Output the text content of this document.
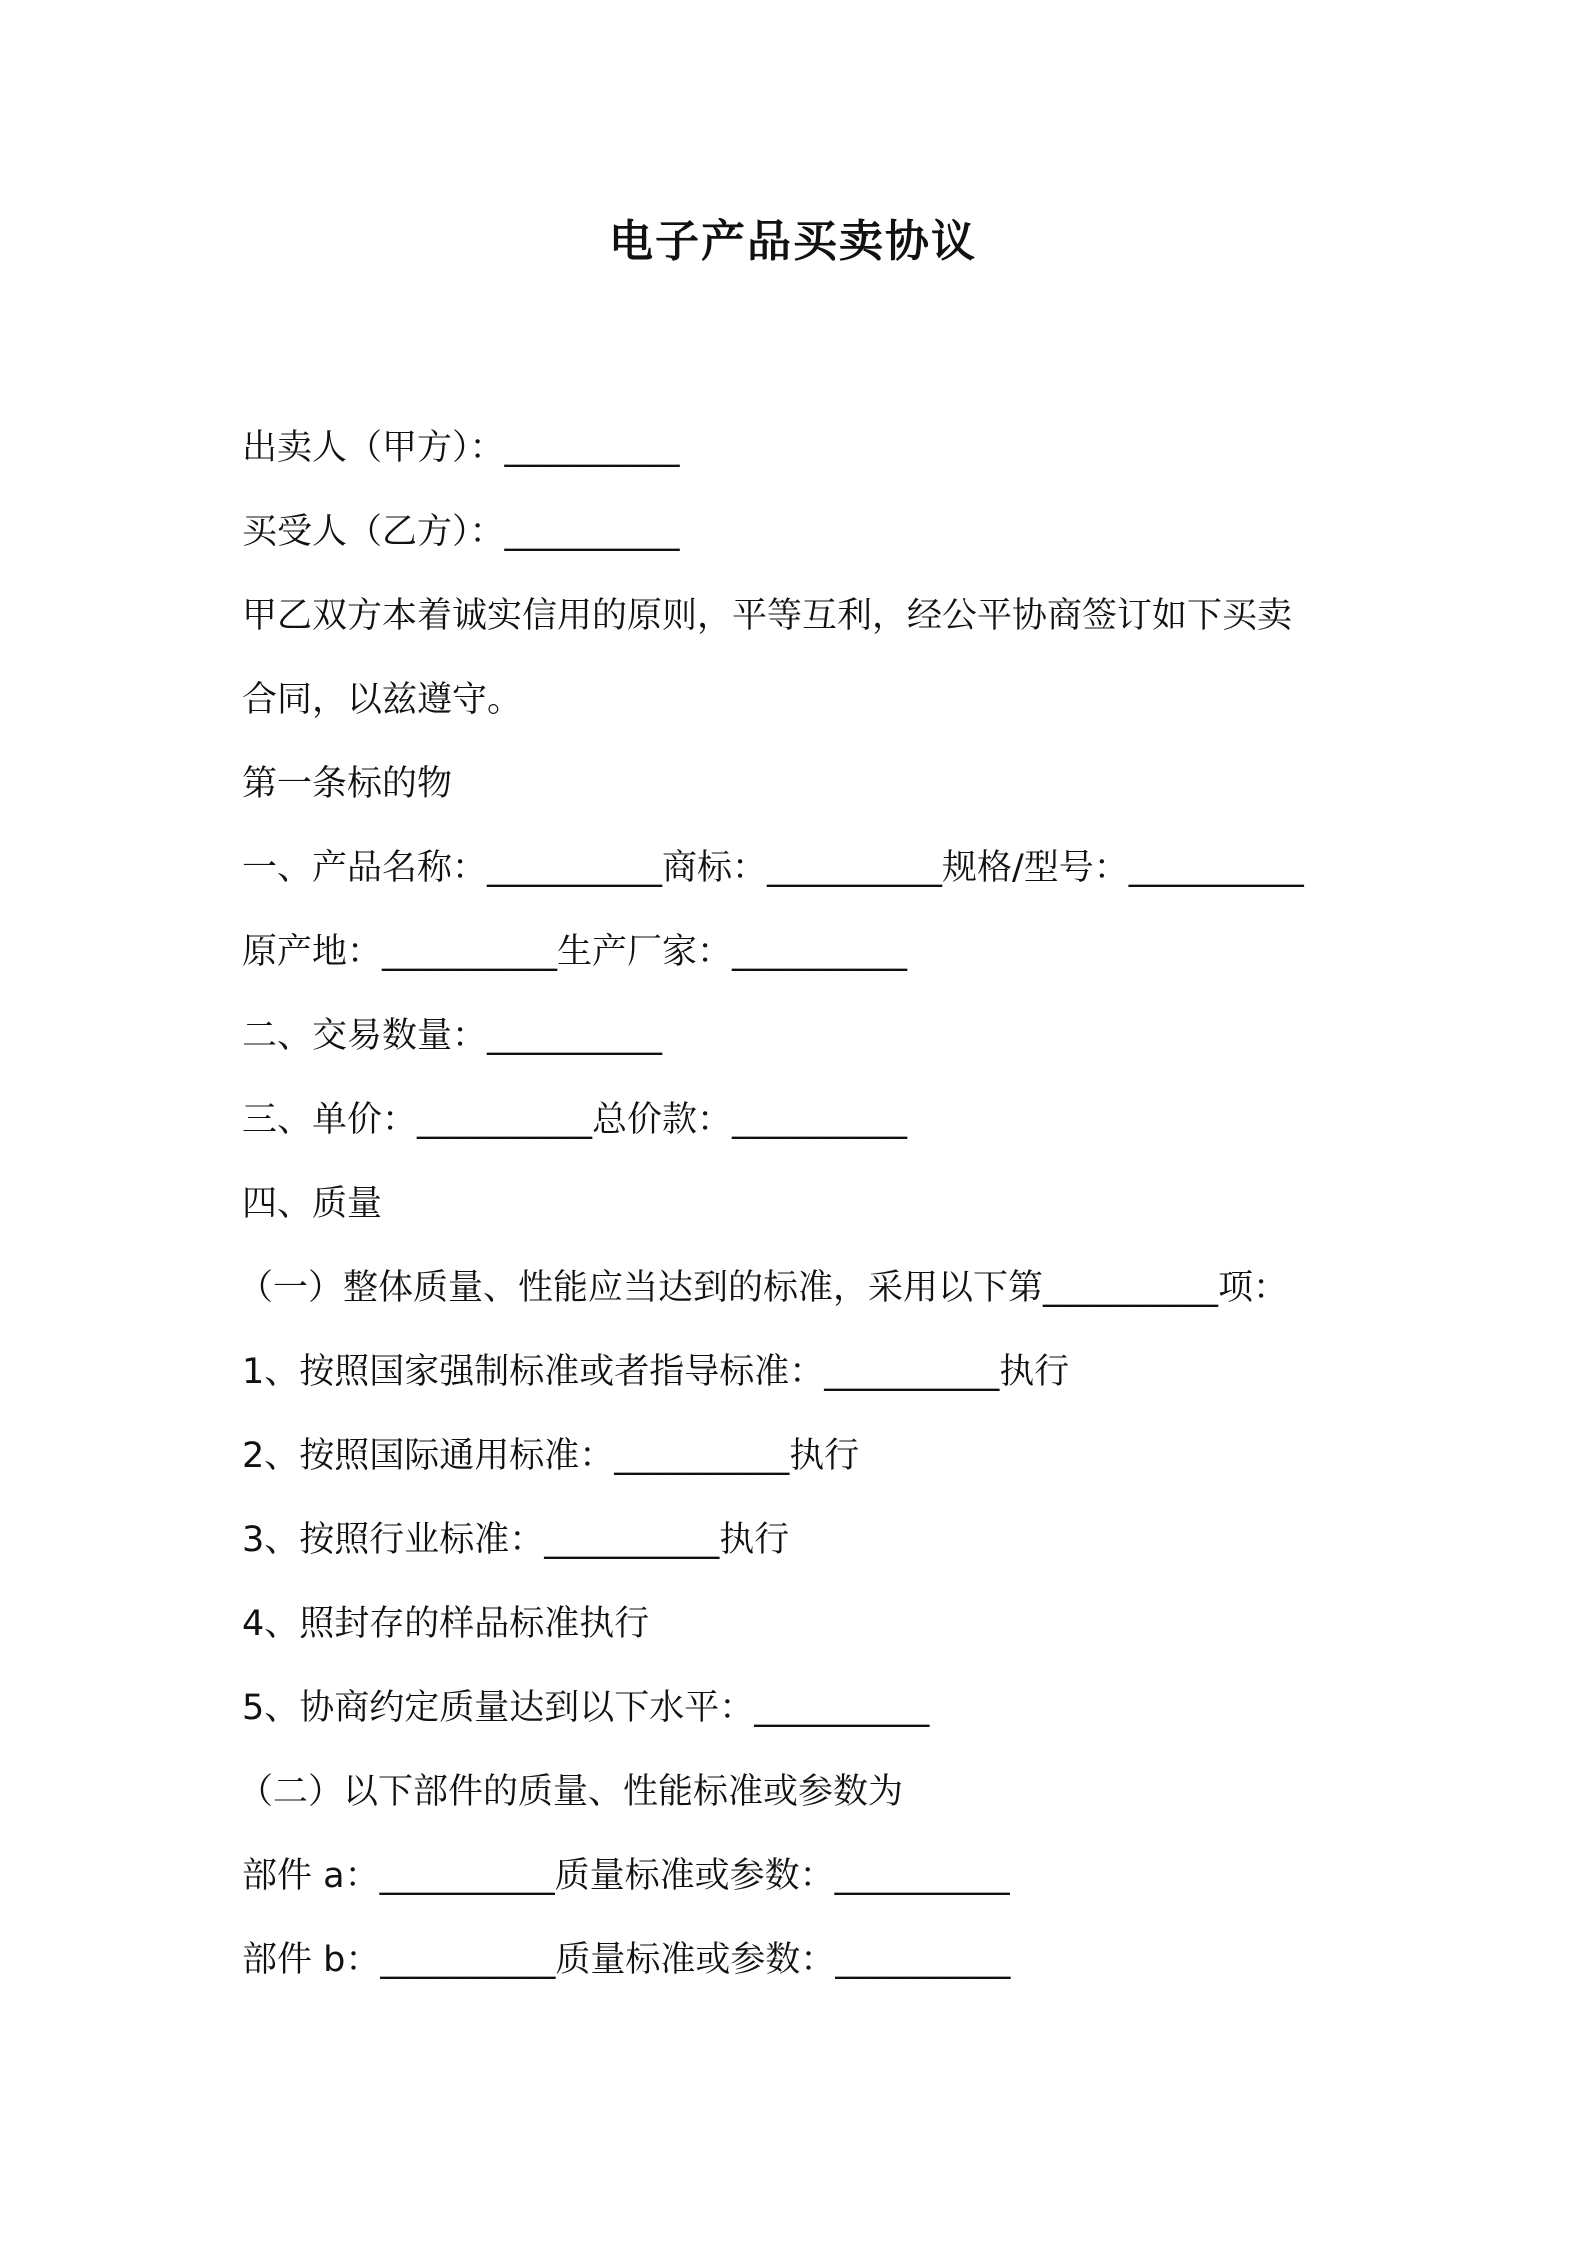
电子产品买卖协议

出卖人（甲方）：__________

买受人（乙方）：__________

甲乙双方本着诚实信用的原则，平等互利，经公平协商签订如下买卖

合同，以兹遵守。

第一条标的物

一、产品名称：__________商标：__________规格/型号：__________

原产地：__________生产厂家：__________

二、交易数量：__________

三、单价：__________总价款：__________

四、质量

（一）整体质量、性能应当达到的标准，采用以下第__________项：

1、按照国家强制标准或者指导标准：__________执行

2、按照国际通用标准：__________执行

3、按照行业标准：__________执行

4、照封存的样品标准执行

5、协商约定质量达到以下水平：__________

（二）以下部件的质量、性能标准或参数为

部件 a：__________质量标准或参数：__________

部件 b：__________质量标准或参数：__________
